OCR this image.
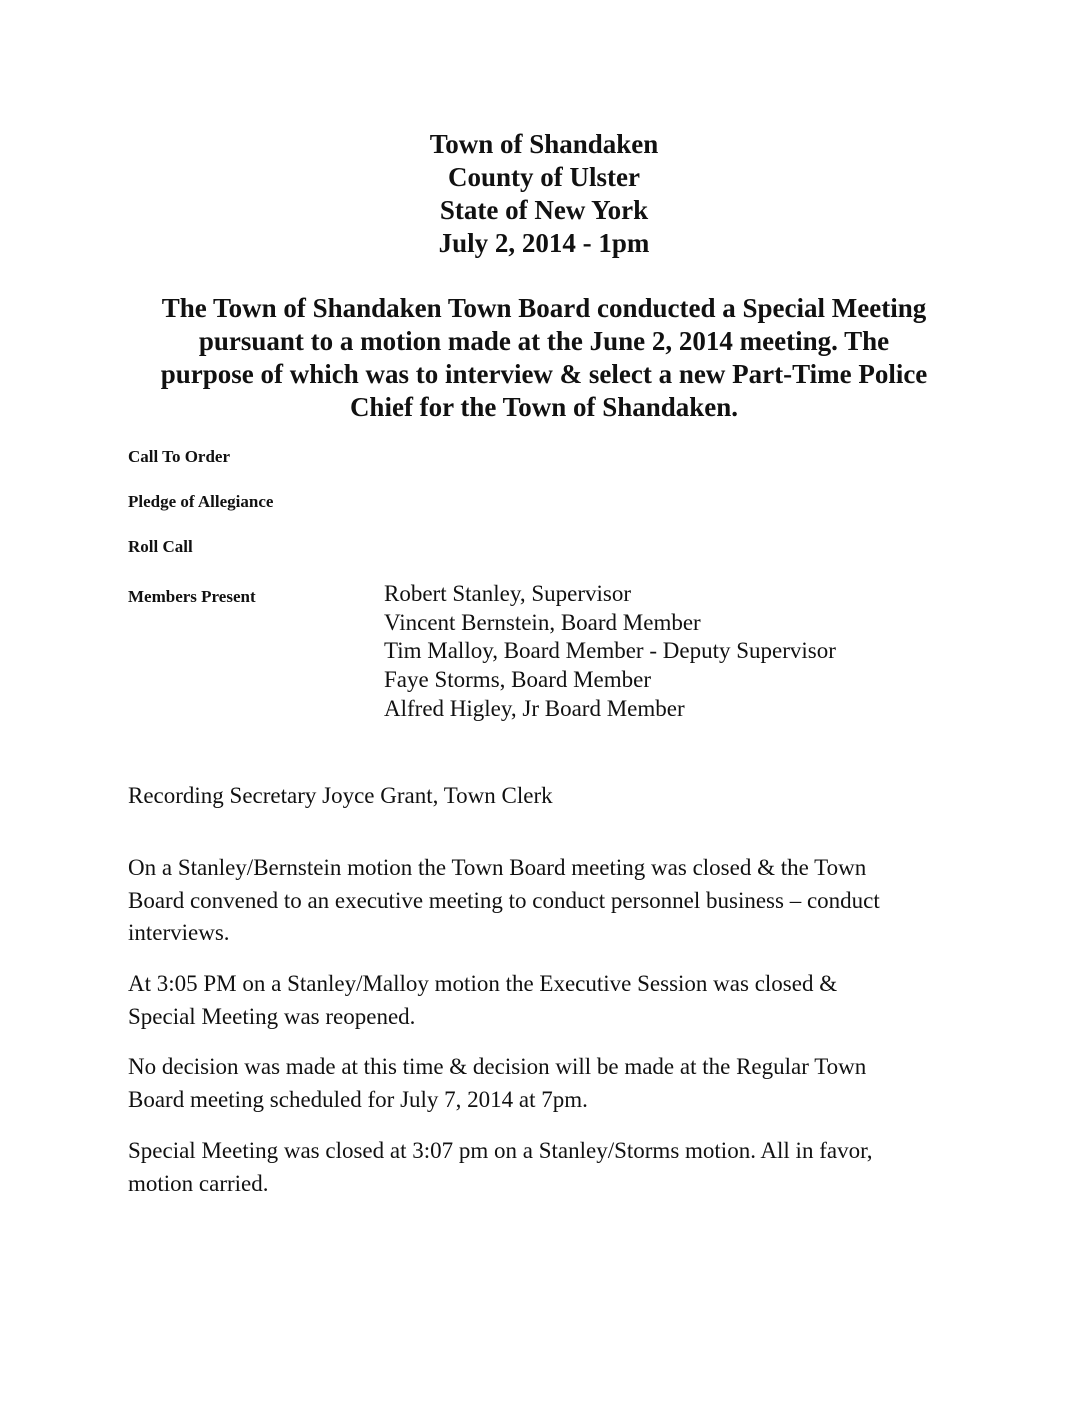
Town of Shandaken
County of Ulster
State of New York
July 2, 2014 - 1pm
The Town of Shandaken Town Board conducted a Special Meeting
pursuant to a motion made at the June 2, 2014 meeting. The
purpose of which was to interview & select a new Part-Time Police
Chief for the Town of Shandaken.
Call To Order
Pledge of Allegiance
Roll Call
Members Present	Robert Stanley, Supervisor
Vincent Bernstein, Board Member
Tim Malloy, Board Member - Deputy Supervisor
Faye Storms, Board Member
Alfred Higley, Jr Board Member
Recording Secretary Joyce Grant, Town Clerk
On a Stanley/Bernstein motion the Town Board meeting was closed & the Town
Board convened to an executive meeting to conduct personnel business – conduct
interviews.
At 3:05 PM on a Stanley/Malloy motion the Executive Session was closed &
Special Meeting was reopened.
No decision was made at this time & decision will be made at the Regular Town
Board meeting scheduled for July 7, 2014 at 7pm.
Special Meeting was closed at 3:07 pm on a Stanley/Storms motion. All in favor,
motion carried.
